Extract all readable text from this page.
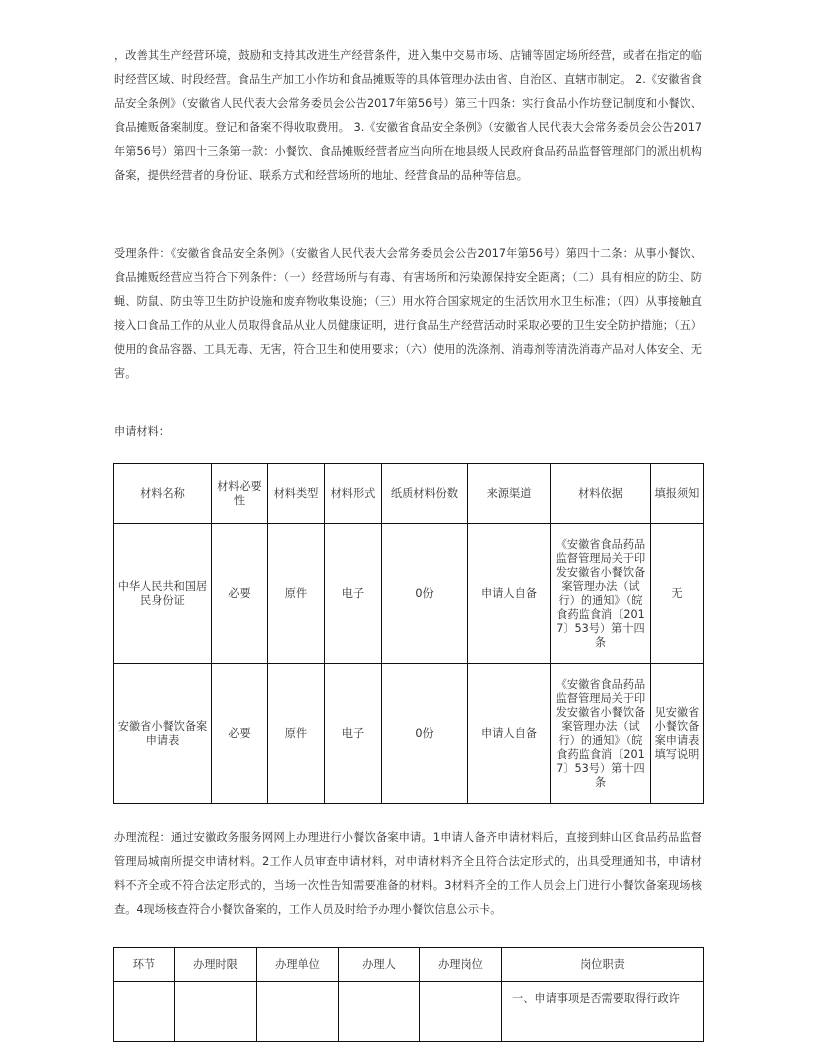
，改善其生产经营环境，鼓励和支持其改进生产经营条件，进入集中交易市场、店铺等固定场所经营，或者在指定的临时经营区域、时段经营。食品生产加工小作坊和食品摊贩等的具体管理办法由省、自治区、直辖市制定。 2.《安徽省食品安全条例》（安徽省人民代表大会常务委员会公告2017年第56号）第三十四条：实行食品小作坊登记制度和小餐饮、食品摊贩备案制度。登记和备案不得收取费用。 3.《安徽省食品安全条例》（安徽省人民代表大会常务委员会公告2017年第56号）第四十三条第一款：小餐饮、食品摊贩经营者应当向所在地县级人民政府食品药品监督管理部门的派出机构备案，提供经营者的身份证、联系方式和经营场所的地址、经营食品的品种等信息。

受理条件：《安徽省食品安全条例》（安徽省人民代表大会常务委员会公告2017年第56号）第四十二条：从事小餐饮、食品摊贩经营应当符合下列条件：（一）经营场所与有毒、有害场所和污染源保持安全距离；（二）具有相应的防尘、防蝇、防鼠、防虫等卫生防护设施和废弃物收集设施；（三）用水符合国家规定的生活饮用水卫生标准；（四）从事接触直接入口食品工作的从业人员取得食品从业人员健康证明，进行食品生产经营活动时采取必要的卫生安全防护措施；（五）使用的食品容器、工具无毒、无害，符合卫生和使用要求；（六）使用的洗涤剂、消毒剂等清洗消毒产品对人体安全、无害。

申请材料：

材料名称	材料必要性	材料类型	材料形式	纸质材料份数	来源渠道	材料依据	填报须知
中华人民共和国居民身份证	必要	原件	电子	0份	申请人自备	《安徽省食品药品监督管理局关于印发安徽省小餐饮备案管理办法（试行）的通知》（皖食药监食消〔2017〕53号）第十四条	无
安徽省小餐饮备案申请表	必要	原件	电子	0份	申请人自备	《安徽省食品药品监督管理局关于印发安徽省小餐饮备案管理办法（试行）的通知》（皖食药监食消〔2017〕53号）第十四条	见安徽省小餐饮备案申请表填写说明

办理流程：通过安徽政务服务网网上办理进行小餐饮备案申请。1申请人备齐申请材料后，直接到蚌山区食品药品监督管理局城南所提交申请材料。2工作人员审查申请材料，对申请材料齐全且符合法定形式的，出具受理通知书，申请材料不齐全或不符合法定形式的，当场一次性告知需要准备的材料。3材料齐全的工作人员会上门进行小餐饮备案现场核查。4现场核查符合小餐饮备案的，工作人员及时给予办理小餐饮信息公示卡。

环节	办理时限	办理单位	办理人	办理岗位	岗位职责
					一、申请事项是否需要取得行政许
